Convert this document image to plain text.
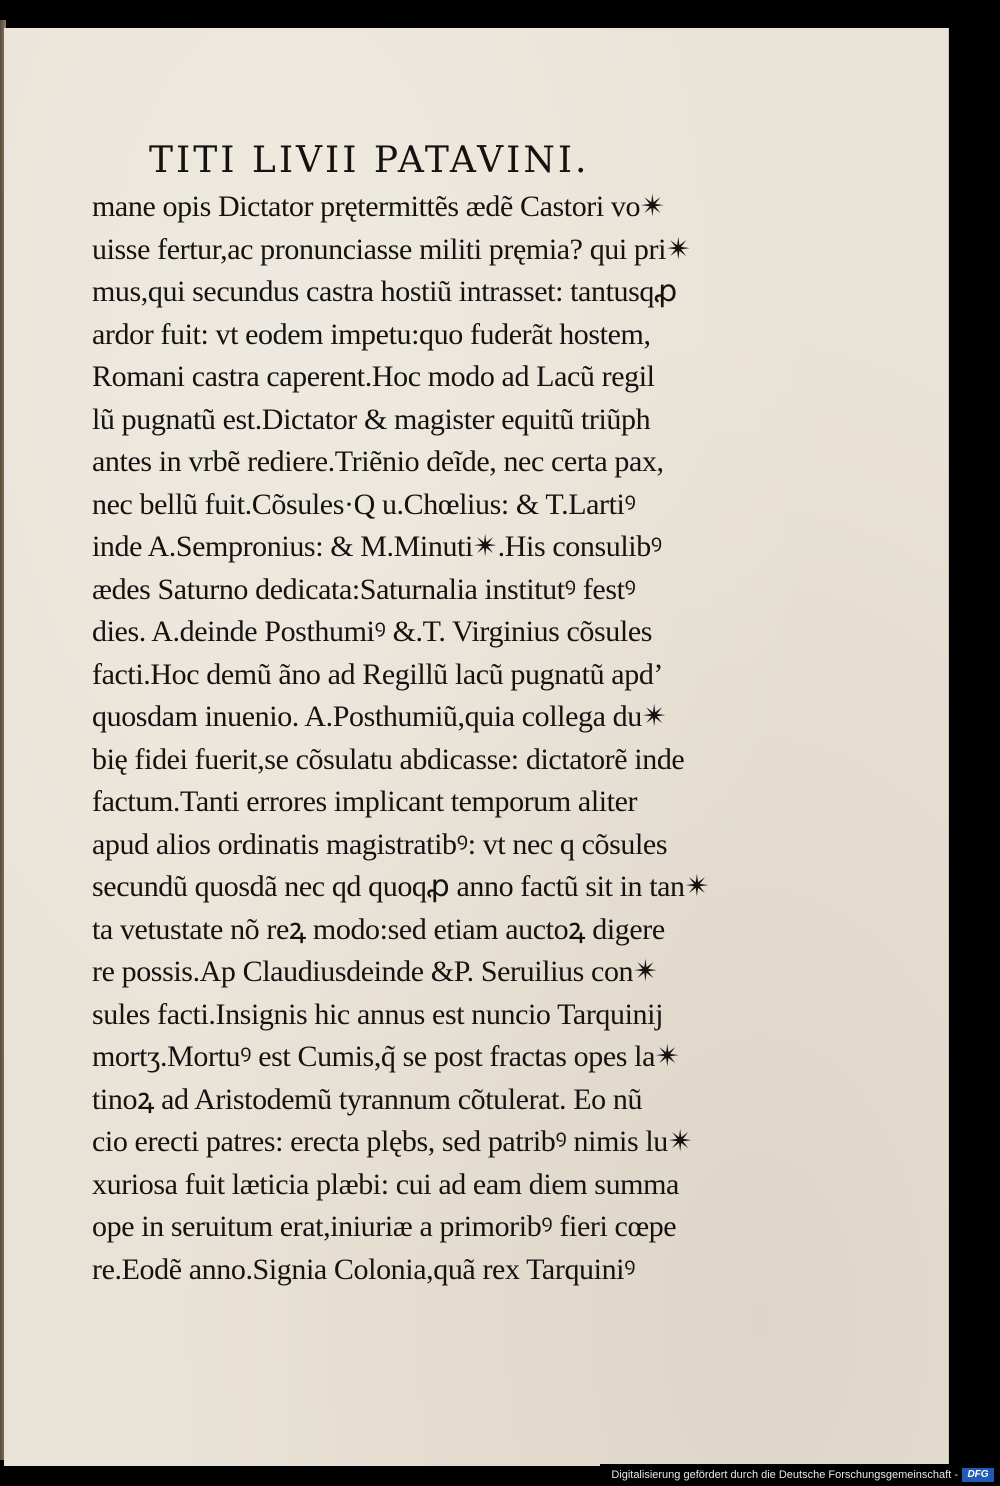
TITI LIVII PATAVINI.
mane opis Dictator prętermittẽs ædẽ Castori vo✴
uisse fertur,ac pronunciasse militi pręmia? qui pri✴
mus,qui secundus castra hostiũ intrasset: tantusqꝓ
ardor fuit: vt eodem impetu:quo fuderãt hostem,
Romani castra caperent.Hoc modo ad Lacũ regil
lũ pugnatũ est.Dictator & magister equitũ triũph
antes in vrbẽ rediere.Triẽnio deĩde, nec certa pax,
nec bellũ fuit.Cõsules·Q u.Chœlius: & T.Lartiꝰ
inde A.Sempronius: & M.Minuti✴.His consulibꝰ
ædes Saturno dedicata:Saturnalia institutꝰ festꝰ
dies. A.deinde Posthumiꝰ &.T. Virginius cõsules
facti.Hoc demũ ãno ad Regillũ lacũ pugnatũ apd’
quosdam inuenio. A.Posthumiũ,quia collega du✴
bię fidei fuerit,se cõsulatu abdicasse: dictatorẽ inde
factum.Tanti errores implicant temporum aliter
apud alios ordinatis magistratibꝰ: vt nec q cõsules
secundũ quosdã nec qd quoqꝓ anno factũ sit in tan✴
ta vetustate nõ reꝝ modo:sed etiam auctoꝝ digere
re possis.Ap Claudiusdeinde &P. Seruilius con✴
sules facti.Insignis hic annus est nuncio Tarquinij
mortʒ.Mortuꝰ est Cumis,q̃ se post fractas opes la✴
tinoꝝ ad Aristodemũ tyrannum cõtulerat. Eo nũ
cio erecti patres: erecta plębs, sed patribꝰ nimis lu✴
xuriosa fuit læticia plæbi: cui ad eam diem summa
ope in seruitum erat,iniuriæ a primoribꝰ fieri cœpe
re.Eodẽ anno.Signia Colonia,quã rex Tarquiniꝰ
Digitalisierung gefördert durch die Deutsche Forschungsgemeinschaft - DFG
